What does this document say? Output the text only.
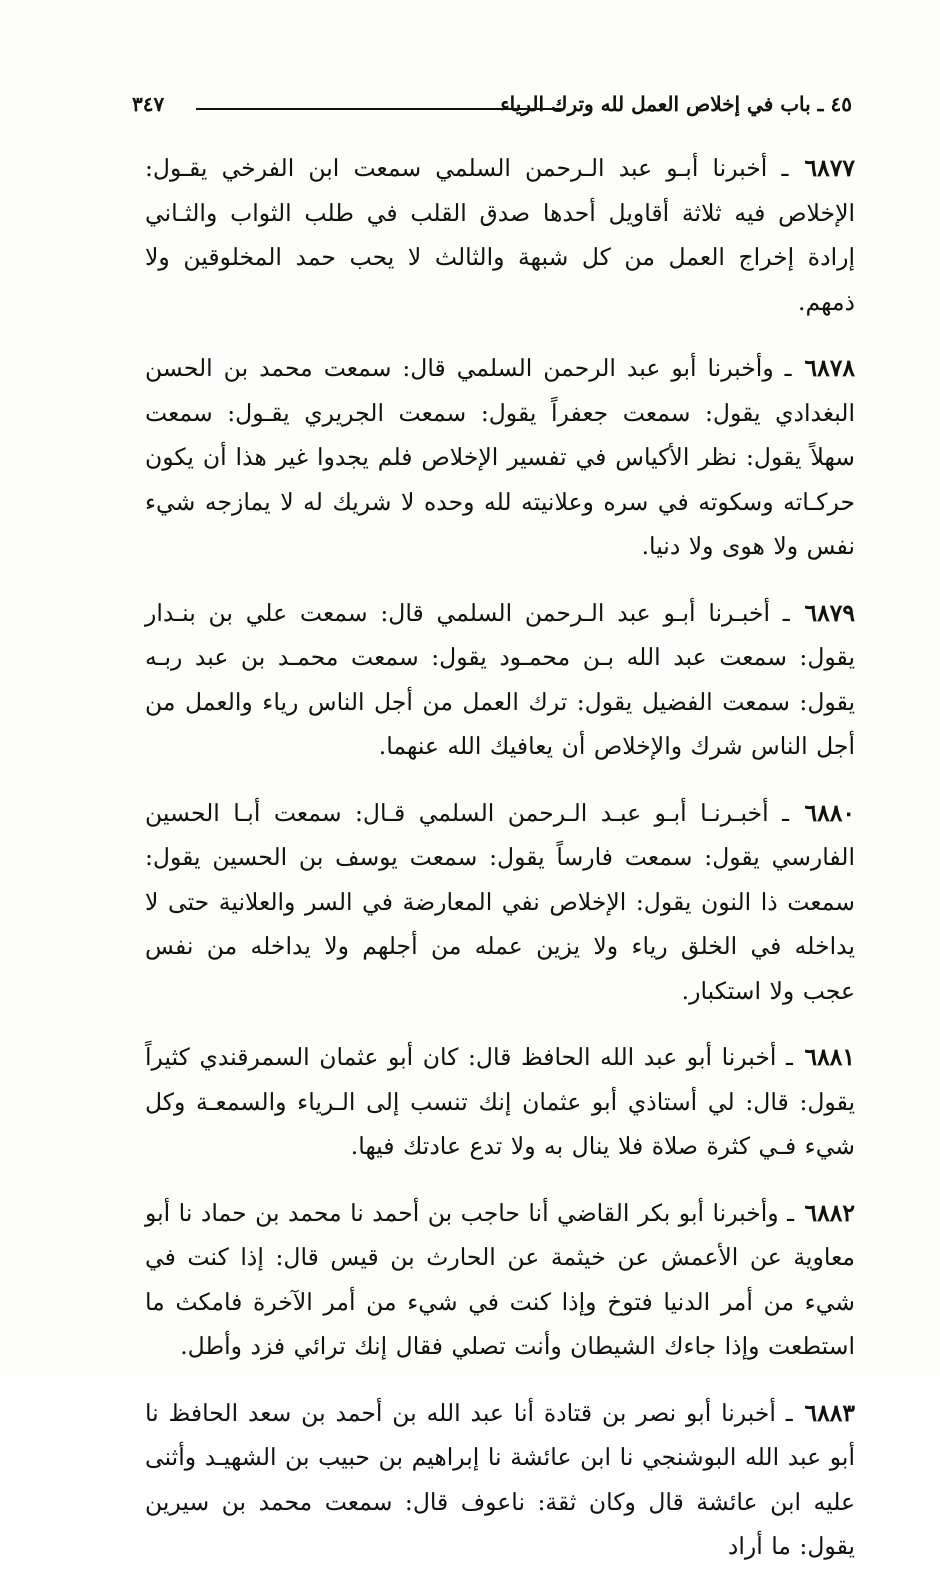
٤٥ ـ باب في إخلاص العمل لله وترك الرياء
٣٤٧

٦٨٧٧ ـ أخبرنا أبـو عبد الـرحمن السلمي سمعت ابن الفرخي يقـول: الإخلاص فيه ثلاثة أقاويل أحدها صدق القلب في طلب الثواب والثـاني إرادة إخراج العمل من كل شبهة والثالث لا يحب حمد المخلوقين ولا ذمهم.

٦٨٧٨ ـ وأخبرنا أبو عبد الرحمن السلمي قال: سمعت محمد بن الحسن البغدادي يقول: سمعت جعفراً يقول: سمعت الجريري يقـول: سمعت سهلاً يقول: نظر الأكياس في تفسير الإخلاص فلم يجدوا غير هذا أن يكون حركـاته وسكوته في سره وعلانيته لله وحده لا شريك له لا يمازجه شيء نفس ولا هوى ولا دنيا.

٦٨٧٩ ـ أخبـرنا أبـو عبد الـرحمن السلمي قال: سمعت علي بن بنـدار يقول: سمعت عبد الله بـن محمـود يقول: سمعت محمـد بن عبد ربـه يقول: سمعت الفضيل يقول: ترك العمل من أجل الناس رياء والعمل من أجل الناس شرك والإخلاص أن يعافيك الله عنهما.

٦٨٨٠ ـ أخبـرنـا أبـو عبـد الـرحمن السلمي قـال: سمعت أبـا الحسين الفارسي يقول: سمعت فارساً يقول: سمعت يوسف بن الحسين يقول: سمعت ذا النون يقول: الإخلاص نفي المعارضة في السر والعلانية حتى لا يداخله في الخلق رياء ولا يزين عمله من أجلهم ولا يداخله من نفس عجب ولا استكبار.

٦٨٨١ ـ أخبرنا أبو عبد الله الحافظ قال: كان أبو عثمان السمرقندي كثيراً يقول: قال: لي أستاذي أبو عثمان إنك تنسب إلى الـرياء والسمعـة وكل شيء فـي كثرة صلاة فلا ينال به ولا تدع عادتك فيها.

٦٨٨٢ ـ وأخبرنا أبو بكر القاضي أنا حاجب بن أحمد نا محمد بن حماد نا أبو معاوية عن الأعمش عن خيثمة عن الحارث بن قيس قال: إذا كنت في شيء من أمر الدنيا فتوخ وإذا كنت في شيء من أمر الآخرة فامكث ما استطعت وإذا جاءك الشيطان وأنت تصلي فقال إنك ترائي فزد وأطل.

٦٨٨٣ ـ أخبرنا أبو نصر بن قتادة أنا عبد الله بن أحمد بن سعد الحافظ نا أبو عبد الله البوشنجي نا ابن عائشة نا إبراهيم بن حبيب بن الشهيـد وأثنى عليه ابن عائشة قال وكان ثقة: ناعوف قال: سمعت محمد بن سيرين يقول: ما أراد
